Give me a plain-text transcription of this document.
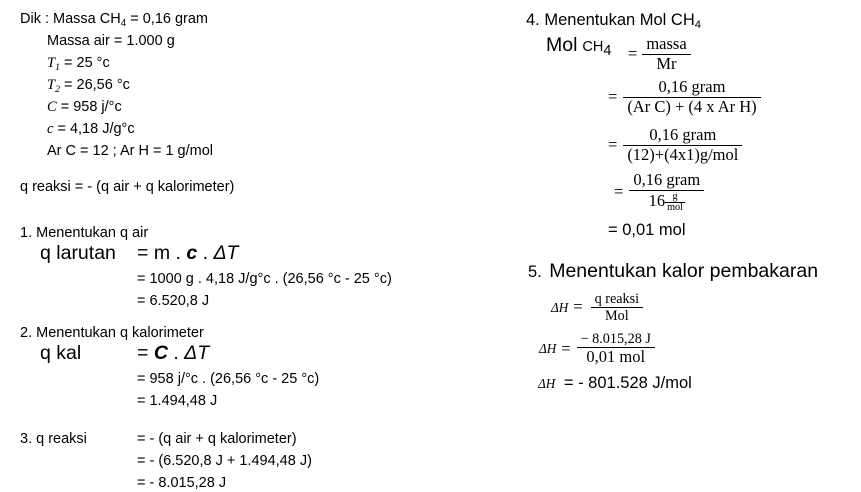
Dik : Massa $CH_4 = 0,16$ gram
Massa air = 1.000 g
T1 = 25 °c
T2 = 26,56 °c
C = 958 j/°c
c = 4,18 J/g°c
Ar C = 12 ; Ar H = 1 g/mol
q reaksi = - (q air + q kalorimeter)
1. Menentukan q air
q larutan = m . c . ΔT
= 1000 g . 4,18 J/g°c . (26,56 °c - 25 °c)
= 6.520,8 J
2. Menentukan q kalorimeter
q kal	= C . ΔT
= 958 j/°c . (26,56 °c - 25 °c)
= 1.494,48 J
3. q reaksi	= - (q air + q kalorimeter)
= - (6.520,8 J + 1.494,48 J)
= - 8.015,28 J
4. Menentukan Mol $CH_4$
Mol $CH_4 = \frac{\text{massa}}{Mr}$
= $\frac{\text{0,16 gram}}{\text{(Ar C) + (4 x Ar H)}}$
= $\frac{\text{0,16 gram}}{\text{(12)+(4x1)g/mol}}$
= $\frac{\text{0,16 gram}}{16 \frac{g}{\text{mol}}}$
= 0,01 mol
5. Menentukan kalor pembakaran
$\Delta H = \frac{\text{q reaksi}}{\text{Mol}}$
$\Delta H = \frac{- 8.015,28 J}{\text{0,01 mol}}$
ΔH = - 801.528 J/mol
